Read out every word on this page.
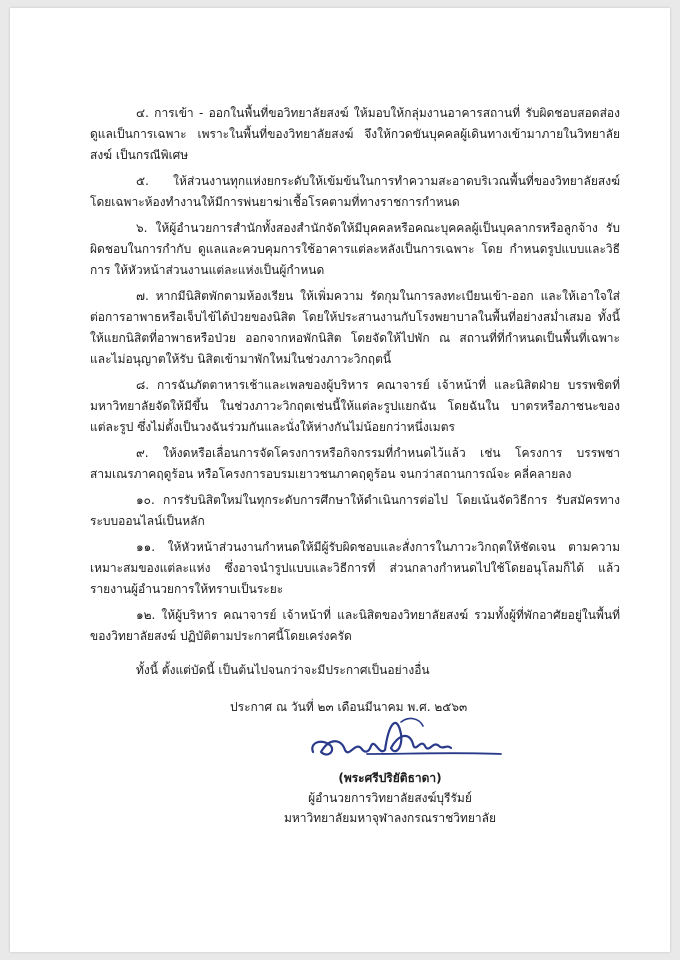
๔. การเข้า - ออกในพื้นที่ขอวิทยาลัยสงฆ์ ให้มอบให้กลุ่มงานอาคารสถานที่ รับผิดชอบสอดส่องดูแลเป็นการเฉพาะ เพราะในพื้นที่ของวิทยาลัยสงฆ์ จึงให้กวดขันบุคคลผู้เดินทางเข้ามาภายในวิทยาลัยสงฆ์ เป็นกรณีพิเศษ

๕. ให้ส่วนงานทุกแห่งยกระดับให้เข้มข้นในการทำความสะอาดบริเวณพื้นที่ของวิทยาลัยสงฆ์ โดยเฉพาะห้องทำงานให้มีการพ่นยาฆ่าเชื้อโรคตามที่ทางราชการกำหนด

๖. ให้ผู้อำนวยการสำนักทั้งสองสำนักจัดให้มีบุคคลหรือคณะบุคคลผู้เป็นบุคลากรหรือลูกจ้าง รับผิดชอบในการกำกับ ดูแลและควบคุมการใช้อาคารแต่ละหลังเป็นการเฉพาะ โดย กำหนดรูปแบบและวิธีการ ให้หัวหน้าส่วนงานแต่ละแห่งเป็นผู้กำหนด

๗. หากมีนิสิตพักตามห้องเรียน ให้เพิ่มความ รัดกุมในการลงทะเบียนเข้า-ออก และให้เอาใจใส่ต่อการอาพาธหรือเจ็บไข้ได้ป่วยของนิสิต โดยให้ประสานงานกับโรงพยาบาลในพื้นที่อย่างสม่ำเสมอ ทั้งนี้ให้แยกนิสิตที่อาพาธหรือป่วย ออกจากหอพักนิสิต โดยจัดให้ไปพัก ณ สถานที่ที่กำหนดเป็นพื้นที่เฉพาะ และไม่อนุญาตให้รับ นิสิตเข้ามาพักใหม่ในช่วงภาวะวิกฤตนี้

๘. การฉันภัตตาหารเช้าและเพลของผู้บริหาร คณาจารย์ เจ้าหน้าที่ และนิสิตฝ่าย บรรพชิตที่มหาวิทยาลัยจัดให้มีขึ้น ในช่วงภาวะวิกฤตเช่นนี้ให้แต่ละรูปแยกฉัน โดยฉันใน บาตรหรือภาชนะของแต่ละรูป ซึ่งไม่ตั้งเป็นวงฉันร่วมกันและนั่งให้ห่างกันไม่น้อยกว่าหนึ่งเมตร

๙. ให้งดหรือเลื่อนการจัดโครงการหรือกิจกรรมที่กำหนดไว้แล้ว เช่น โครงการ บรรพชาสามเณรภาคฤดูร้อน หรือโครงการอบรมเยาวชนภาคฤดูร้อน จนกว่าสถานการณ์จะ คลี่คลายลง

๑๐. การรับนิสิตใหม่ในทุกระดับการศึกษาให้ดำเนินการต่อไป โดยเน้นจัดวิธีการ รับสมัครทางระบบออนไลน์เป็นหลัก

๑๑. ให้หัวหน้าส่วนงานกำหนดให้มีผู้รับผิดชอบและสั่งการในภาวะวิกฤตให้ชัดเจน ตามความเหมาะสมของแต่ละแห่ง ซึ่งอาจนำรูปแบบและวิธีการที่ ส่วนกลางกำหนดไปใช้โดยอนุโลมก็ได้ แล้วรายงานผู้อำนวยการให้ทราบเป็นระยะ

๑๒. ให้ผู้บริหาร คณาจารย์ เจ้าหน้าที่ และนิสิตของวิทยาลัยสงฆ์ รวมทั้งผู้ที่พักอาศัยอยู่ในพื้นที่ของวิทยาลัยสงฆ์ ปฏิบัติตามประกาศนี้โดยเคร่งครัด

ทั้งนี้ ตั้งแต่บัดนี้ เป็นต้นไปจนกว่าจะมีประกาศเป็นอย่างอื่น

ประกาศ ณ วันที่ ๒๓ เดือนมีนาคม พ.ศ. ๒๕๖๓

(พระศรีปริยัติธาดา)
ผู้อำนวยการวิทยาลัยสงฆ์บุรีรัมย์
มหาวิทยาลัยมหาจุฬาลงกรณราชวิทยาลัย
